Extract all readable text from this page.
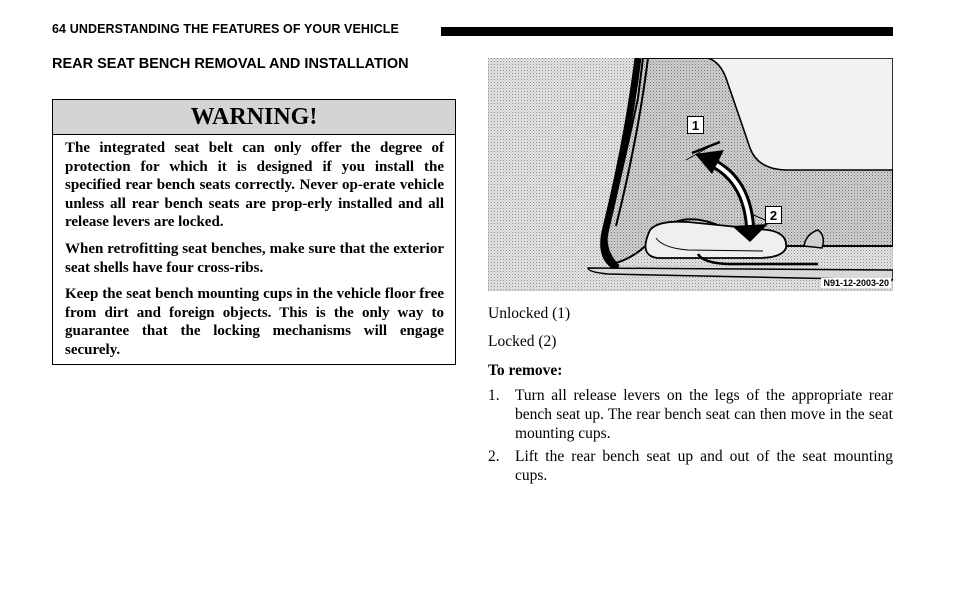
64 UNDERSTANDING THE FEATURES OF YOUR VEHICLE
REAR SEAT BENCH REMOVAL AND INSTALLATION
WARNING!

The integrated seat belt can only offer the degree of protection for which it is designed if you install the specified rear bench seats correctly. Never op-erate vehicle unless all rear bench seats are prop-erly installed and all release levers are locked.

When retrofitting seat benches, make sure that the exterior seat shells have four cross-ribs.

Keep the seat bench mounting cups in the vehicle floor free from dirt and foreign objects. This is the only way to guarantee that the locking mechanisms will engage securely.

1
2
N91-12-2003-20
Unlocked (1)
Locked (2)
To remove:
1. Turn all release levers on the legs of the appropriate rear bench seat up. The rear bench seat can then move in the seat mounting cups.
2. Lift the rear bench seat up and out of the seat mounting cups.
